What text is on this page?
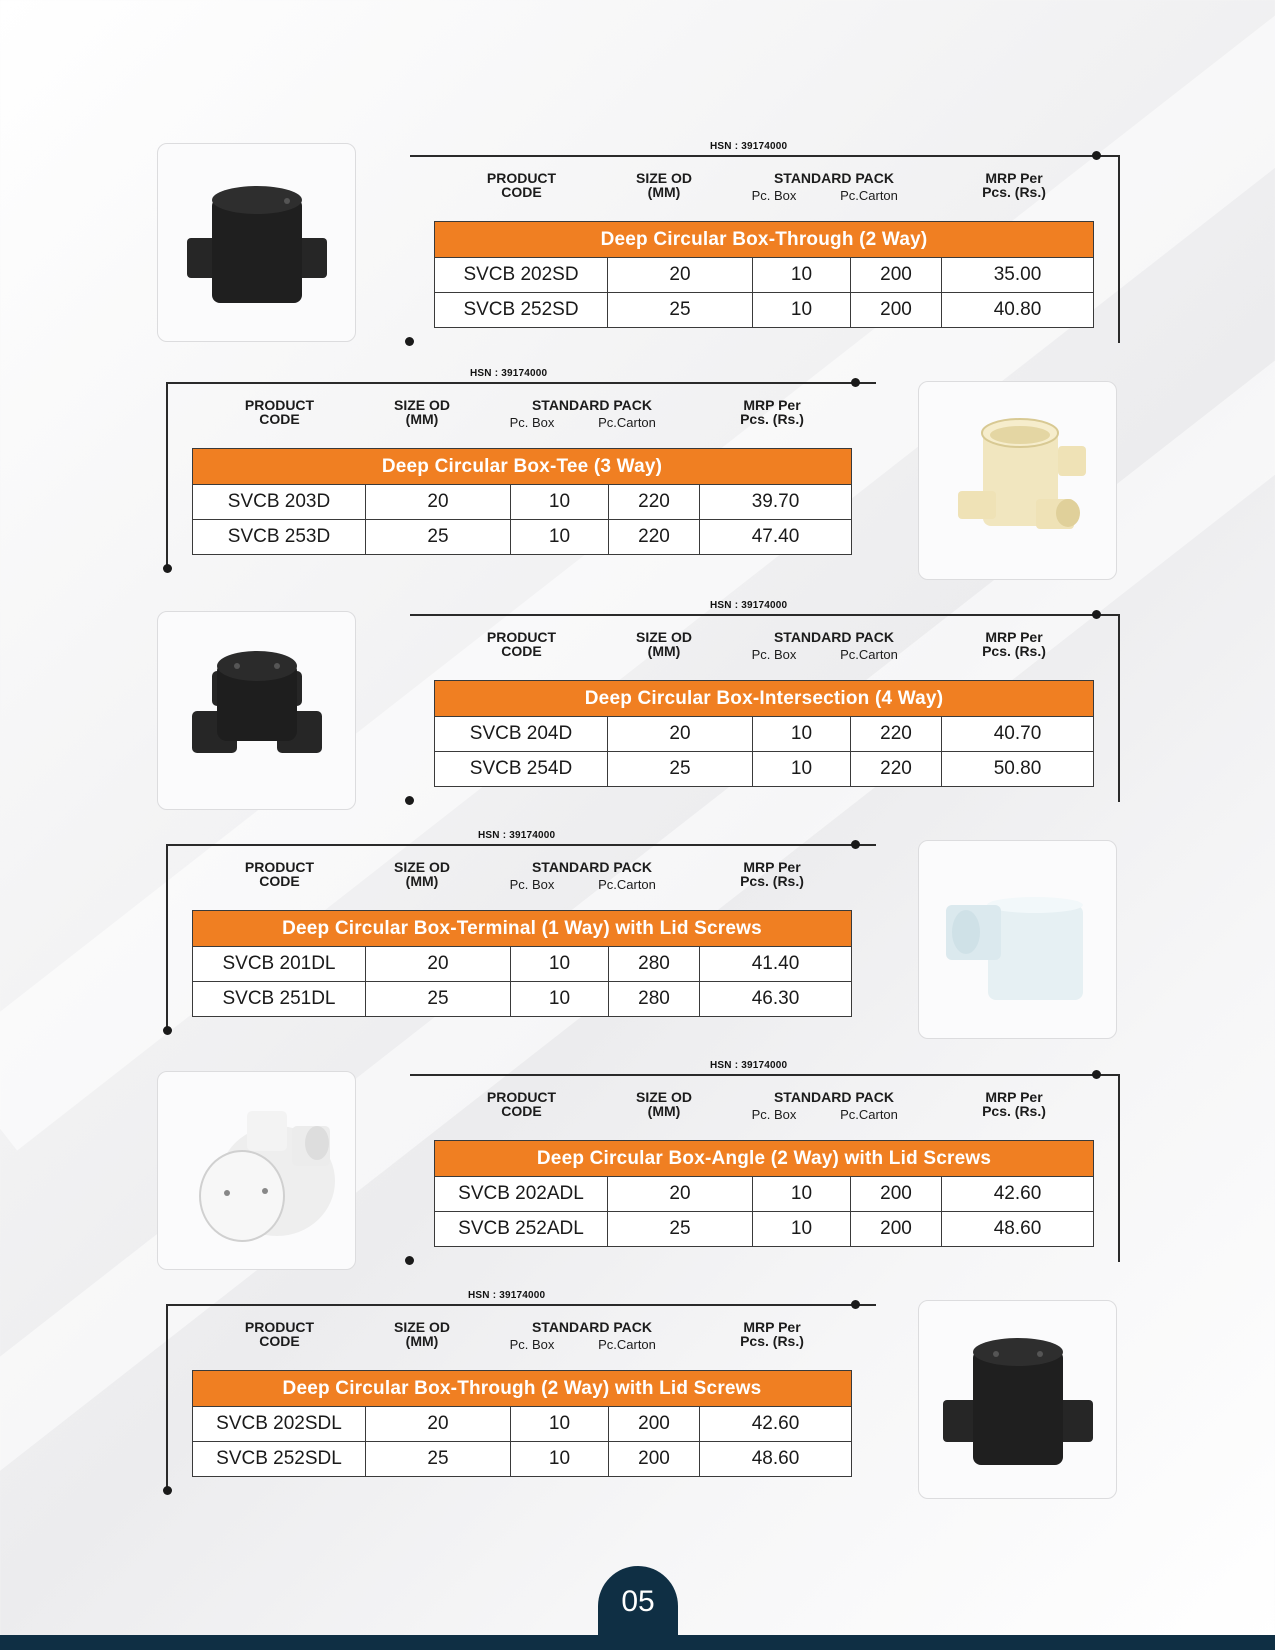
HSN : 39174000
PRODUCT
CODE
SIZE OD
(MM)
STANDARD PACK
Pc. Box	Pc.Carton
MRP Per
Pcs. (Rs.)
Deep Circular Box-Through (2 Way)				
SVCB 202SD	20	10	200	35.00
SVCB 252SD	25	10	200	40.80
HSN : 39174000
PRODUCT
CODE
SIZE OD
(MM)
STANDARD PACK
Pc. Box	Pc.Carton
MRP Per
Pcs. (Rs.)
Deep Circular Box-Tee (3 Way)				
SVCB 203D	20	10	220	39.70
SVCB 253D	25	10	220	47.40
HSN : 39174000
PRODUCT
CODE
SIZE OD
(MM)
STANDARD PACK
Pc. Box	Pc.Carton
MRP Per
Pcs. (Rs.)
Deep Circular Box-Intersection (4 Way)				
SVCB 204D	20	10	220	40.70
SVCB 254D	25	10	220	50.80
HSN : 39174000
PRODUCT
CODE
SIZE OD
(MM)
STANDARD PACK
Pc. Box	Pc.Carton
MRP Per
Pcs. (Rs.)
Deep Circular Box-Terminal (1 Way) with Lid Screws				
SVCB 201DL	20	10	280	41.40
SVCB 251DL	25	10	280	46.30
HSN : 39174000
PRODUCT
CODE
SIZE OD
(MM)
STANDARD PACK
Pc. Box	Pc.Carton
MRP Per
Pcs. (Rs.)
Deep Circular Box-Angle (2 Way) with Lid Screws				
SVCB 202ADL	20	10	200	42.60
SVCB 252ADL	25	10	200	48.60
HSN : 39174000
PRODUCT
CODE
SIZE OD
(MM)
STANDARD PACK
Pc. Box	Pc.Carton
MRP Per
Pcs. (Rs.)
Deep Circular Box-Through (2 Way) with Lid Screws				
SVCB 202SDL	20	10	200	42.60
SVCB 252SDL	25	10	200	48.60
05
